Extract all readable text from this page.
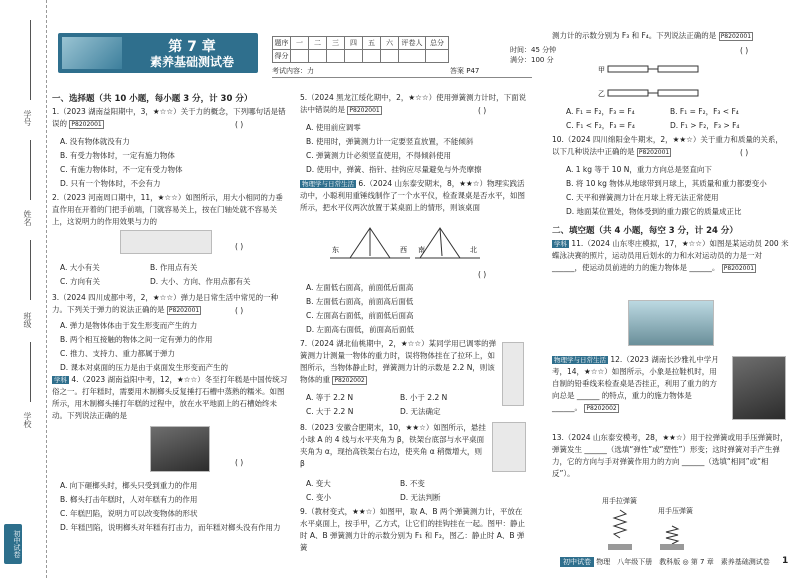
学号
姓名
班级
学校
初中试卷
第 7 章
素养基础测试卷
题序	一	二	三	四	五	六	评卷人	总分
得分								
时间：45 分钟
满分：100 分
考试内容：力	答案 P47
一、选择题（共 10 小题，每小题 3 分，计 30 分）
1.（2023 湖南益阳期中，3，★☆☆）关于力的概念，下列哪句话是错误的 P8202001	( )
A. 没有物体就没有力
B. 有受力物体时，一定有施力物体
C. 有施力物体时，不一定有受力物体
D. 只有一个物体时，不会有力
2.（2023 河南周口期中，11，★☆☆）如图所示，用大小相同的力垂直作用在开着的门把手前端，门就容易关上，按在门轴处就不容易关上，这说明力的作用效果与力的
( )
A. 大小有关	B. 作用点有关
C. 方向有关	D. 大小、方向、作用点都有关
3.（2024 四川成都中考，2，★☆☆）弹力是日常生活中常见的一种力。下列关于弹力的说法正确的是 P8202001	( )
A. 弹力是物体体由于发生形变而产生的力
B. 两个相互接触的物体之间一定有弹力的作用
C. 推力、支持力、重力都属于弹力
D. 课本对桌面的压力是由于桌面发生形变而产生的
学科 4.（2023 湖南益阳中考，12，★☆☆）冬至打年糕是中国传统习俗之一。打年糕时，需要用木制榔头反复捶打石槽中蒸熟的糯米。如图所示，用木制榔头捶打年糕的过程中，放在水平地面上的石槽始终未动。下列说法正确的是
( )
A. 向下砸榔头时，榔头只受到重力的作用
B. 榔头打击年糕时，人对年糕有力的作用
C. 年糕凹陷，说明力可以改变物体的形状
D. 年糕凹陷，说明榔头对年糕有打击力，而年糕对榔头没有作用力
5.（2024 黑龙江绥化期中，2，★☆☆）使用弹簧测力计时，下面说法中错误的是 P8202001	( )
A. 使用前应调零
B. 使用时，弹簧测力计一定要竖直放置，不能倾斜
C. 弹簧测力计必须竖直使用，不得倾斜使用
D. 使用中，弹簧、指针、挂钩应尽量避免与外壳摩擦
物理学与日常生活 6.（2024 山东泰安期末，8，★★☆）物理实践活动中，小聪利用重锤线制作了一个水平仪，检查课桌是否水平，如图所示，把水平仪两次放置于某桌面上的情形，则该桌面
东	西 南	北
( )
A. 左面低右面高，前面低后面高
B. 左面低右面高，前面高后面低
C. 左面高右面低，前面低后面高
D. 左面高右面低，前面高后面低
7.（2024 湖北仙桃期中，2，★☆☆）某同学用已调零的弹簧测力计测量一物体的重力时，误将物体挂在了拉环上，如图所示，当物体静止时，弹簧测力计的示数是 2.2 N，则该物体的重 P8202002
A. 等于 2.2 N	B. 小于 2.2 N
C. 大于 2.2 N	D. 无法确定
8.（2023 安徽合肥期末，10，★★☆）如图所示，悬挂小球 A 的 4 线与水平夹角为 β，铁架台底部与水平桌面夹角为 α，现抬高铁架台右边，使夹角 α 稍微增大，则 β
A. 变大	B. 不变
C. 变小	D. 无法判断
9.（教材变式，★★☆）如图甲，取 A、B 两个弹簧测力计，平放在水平桌面上，按手甲，乙方式，让它们的挂钩挂在一起。图甲：静止时 A、B 弹簧测力计的示数分别为 F₁ 和 F₂，图乙：静止时 A、B 弹簧
测力计的示数分别为 F₃ 和 F₄。下列说法正确的是 P8202001
( )
甲
乙
A. F₁ = F₂，F₃ = F₄	B. F₁ = F₂，F₃ < F₄
C. F₁ < F₂，F₃ = F₄	D. F₁ > F₂，F₃ > F₄
10.（2024 四川绵阳金牛期末，2，★★☆）关于重力和质量的关系，以下几种说法中正确的是 P8202001	( )
A. 1 kg 等于 10 N，重力方向总是竖直向下
B. 将 10 kg 物体从地球带到月球上，其质量和重力都要变小
C. 天平和弹簧测力计在月球上将无法正常使用
D. 地面某位置处，物体受到的重力跟它的质量成正比
二、填空题（共 4 小题，每空 3 分，计 24 分）
学科 11.（2024 山东枣庄模拟，17，★☆☆）如图是某运动员 200 米蝶泳决赛的照片，运动员用后划水的力和水对运动员的力是一对 ______，使运动员前进的力的施力物体是 ______。 P8202001
物理学与日常生活 12.（2023 湖南长沙雅礼中学月考，14，★☆☆）如图所示，小象是拉鞋机时，用自制的铅垂线来检查桌是否挂正，利用了重力的方向总是 ______ 的特点，重力的施力物体是 ______。 P8202002
13.（2024 山东泰安模考，28，★★☆）用于拉弹簧或用手压弹簧时，弹簧发生 ______（选填“弹性”或“塑性”）形变；这时弹簧对手产生弹力，它的方向与手对弹簧作用力的方向 ______（选填“相同”或“相反”）。
用手拉弹簧
用手压弹簧
初中试卷 物理　八年级下册　教科版 ◎ 第 7 章　素养基础测试卷 1
